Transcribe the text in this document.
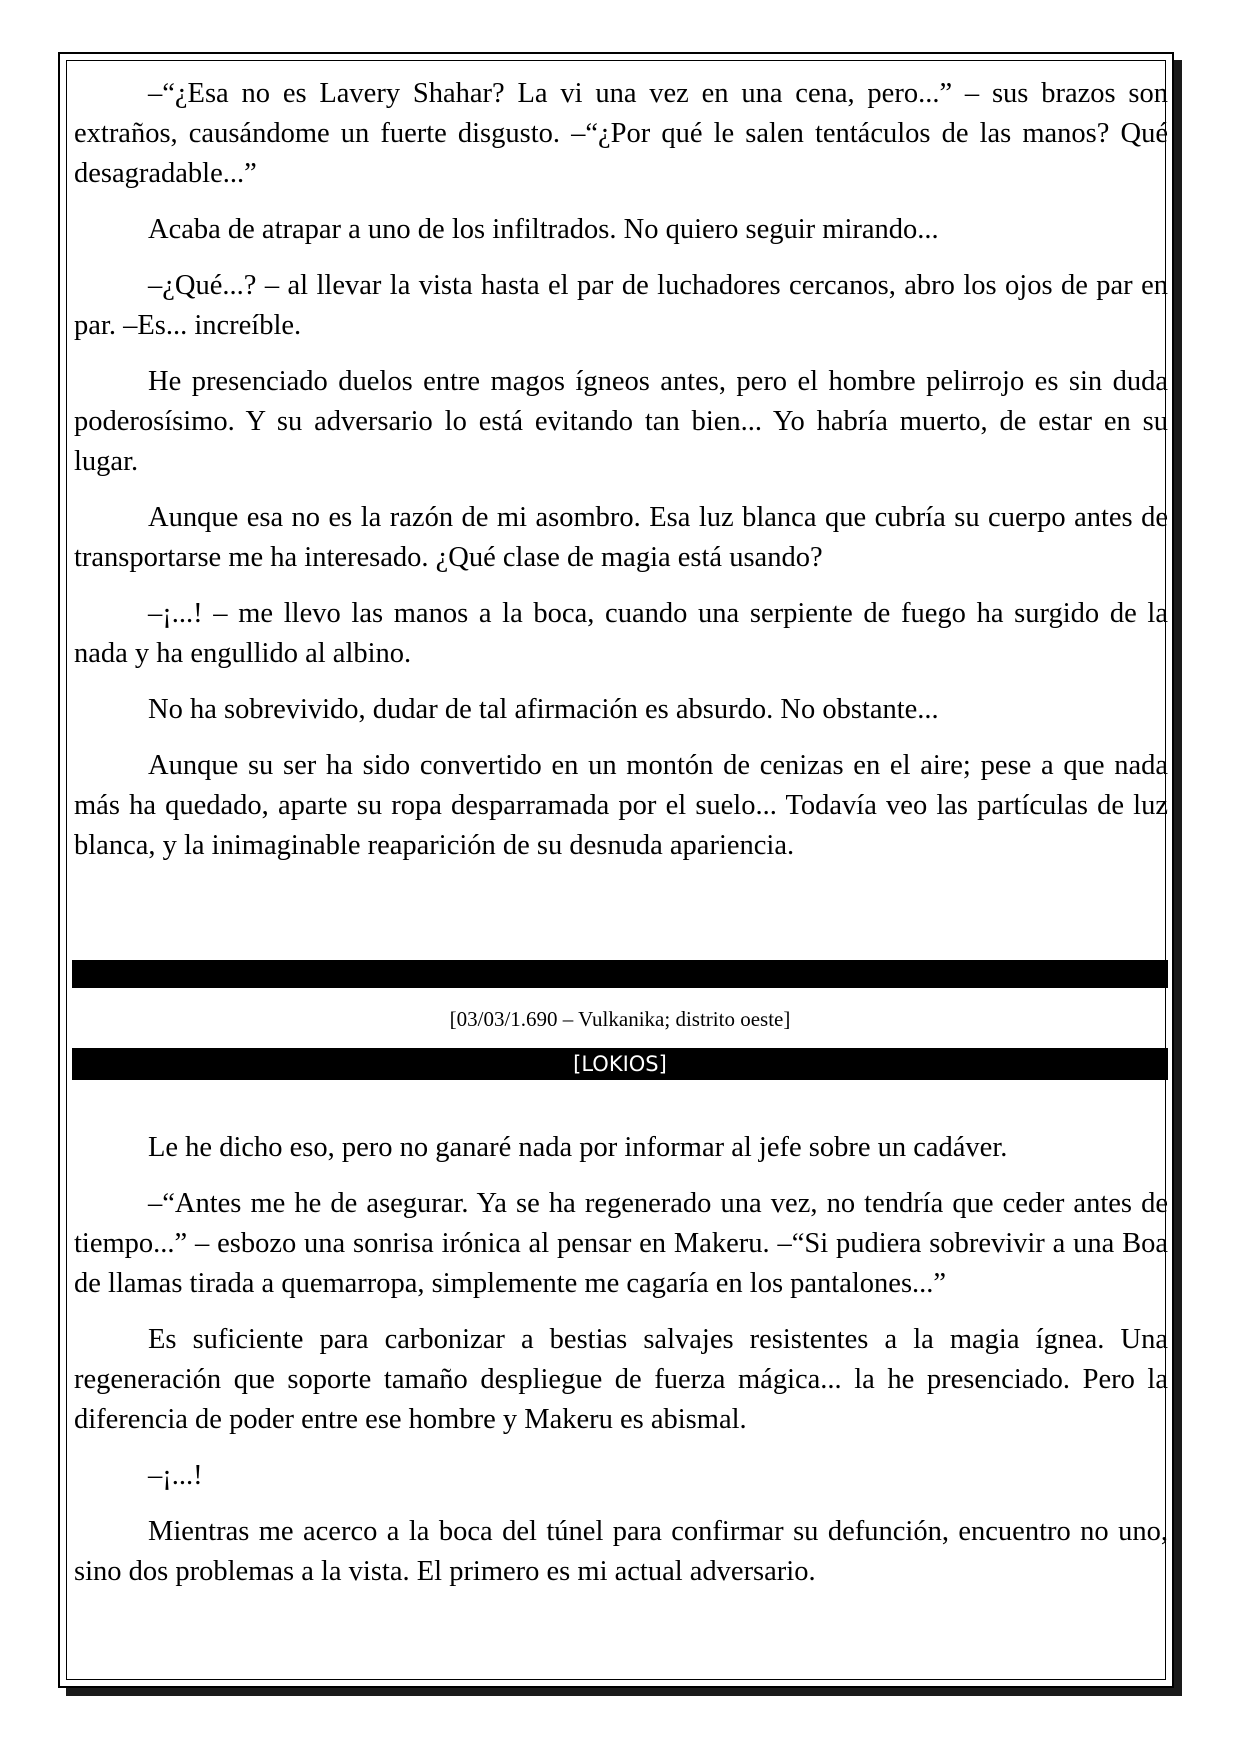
–“¿Esa no es Lavery Shahar? La vi una vez en una cena, pero...” – sus brazos son extraños, causándome un fuerte disgusto. –“¿Por qué le salen tentáculos de las manos? Qué desagradable...”

Acaba de atrapar a uno de los infiltrados. No quiero seguir mirando...

–¿Qué...? – al llevar la vista hasta el par de luchadores cercanos, abro los ojos de par en par. –Es... increíble.

He presenciado duelos entre magos ígneos antes, pero el hombre pelirrojo es sin duda poderosísimo. Y su adversario lo está evitando tan bien... Yo habría muerto, de estar en su lugar.

Aunque esa no es la razón de mi asombro. Esa luz blanca que cubría su cuerpo antes de transportarse me ha interesado. ¿Qué clase de magia está usando?

–¡...! – me llevo las manos a la boca, cuando una serpiente de fuego ha surgido de la nada y ha engullido al albino.

No ha sobrevivido, dudar de tal afirmación es absurdo. No obstante...

Aunque su ser ha sido convertido en un montón de cenizas en el aire; pese a que nada más ha quedado, aparte su ropa desparramada por el suelo... Todavía veo las partículas de luz blanca, y la inimaginable reaparición de su desnuda apariencia.

[03/03/1.690 – Vulkanika; distrito oeste]
[LOKIOS]

Le he dicho eso, pero no ganaré nada por informar al jefe sobre un cadáver.

–“Antes me he de asegurar. Ya se ha regenerado una vez, no tendría que ceder antes de tiempo...” – esbozo una sonrisa irónica al pensar en Makeru. –“Si pudiera sobrevivir a una Boa de llamas tirada a quemarropa, simplemente me cagaría en los pantalones...”

Es suficiente para carbonizar a bestias salvajes resistentes a la magia ígnea. Una regeneración que soporte tamaño despliegue de fuerza mágica... la he presenciado. Pero la diferencia de poder entre ese hombre y Makeru es abismal.

–¡...!

Mientras me acerco a la boca del túnel para confirmar su defunción, encuentro no uno, sino dos problemas a la vista. El primero es mi actual adversario.
